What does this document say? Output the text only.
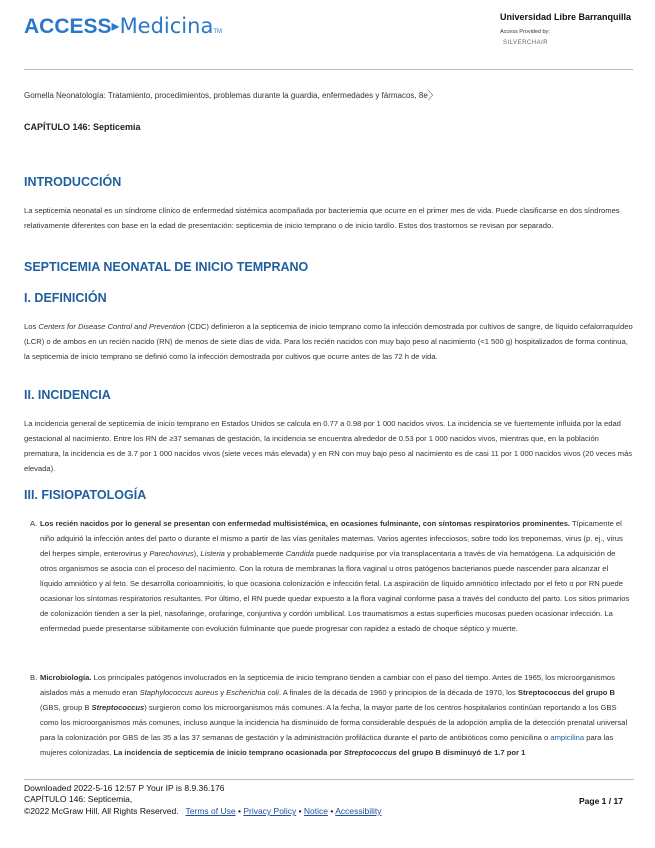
ACCESS▸MedicinaTM
Universidad Libre Barranquilla
Access Provided by:
SILVERCHAIR
Gomella Neonatología: Tratamiento, procedimientos, problemas durante la guardia, enfermedades y fármacos, 8e〉
CAPÍTULO 146: Septicemia
INTRODUCCIÓN

La septicemia neonatal es un síndrome clínico de enfermedad sistémica acompañada por bacteriemia que ocurre en el primer mes de vida. Puede clasificarse en dos síndromes relativamente diferentes con base en la edad de presentación: septicemia de inicio temprano o de inicio tardío. Estos dos trastornos se revisan por separado.

SEPTICEMIA NEONATAL DE INICIO TEMPRANO
I. DEFINICIÓN

Los Centers for Disease Control and Prevention (CDC) definieron a la septicemia de inicio temprano como la infección demostrada por cultivos de sangre, de líquido cefalorraquídeo (LCR) o de ambos en un recién nacido (RN) de menos de siete días de vida. Para los recién nacidos con muy bajo peso al nacimiento (<1 500 g) hospitalizados de forma continua, la septicemia de inicio temprano se definió como la infección demostrada por cultivos que ocurre antes de las 72 h de vida.

II. INCIDENCIA

La incidencia general de septicemia de inicio temprano en Estados Unidos se calcula en 0.77 a 0.98 por 1 000 nacidos vivos. La incidencia se ve fuertemente influida por la edad gestacional al nacimiento. Entre los RN de ≥37 semanas de gestación, la incidencia se encuentra alrededor de 0.53 por 1 000 nacidos vivos, mientras que, en la población prematura, la incidencia es de 3.7 por 1 000 nacidos vivos (siete veces más elevada) y en RN con muy bajo peso al nacimiento es de casi 11 por 1 000 nacidos vivos (20 veces más elevada).

III. FISIOPATOLOGÍA
A. Los recién nacidos por lo general se presentan con enfermedad multisistémica, en ocasiones fulminante, con síntomas respiratorios prominentes. Típicamente el niño adquirió la infección antes del parto o durante el mismo a partir de las vías genitales maternas. Varios agentes infecciosos, sobre todo los treponemas, virus (p. ej., virus del herpes simple, enterovirus y Parechovirus), Listeria y probablemente Candida puede nadquirise por vía transplacentaria a través de vía hematógena. La adquisición de otros organismos se asocia con el proceso del nacimiento. Con la rotura de membranas la flora vaginal u otros patógenos bacterianos puede nascender para alcanzar el líquido amniótico y al feto. Se desarrolla corioamnioitis, lo que ocasiona colonización e infección fetal. La aspiración de líquido amniótico infectado por el feto o por RN puede ocasionar los síntomas respiratorios resultantes. Por último, el RN puede quedar expuesto a la flora vaginal conforme pasa a través del conducto del parto. Los sitios primarios de colonización tienden a ser la piel, nasofaringe, orofaringe, conjuntiva y cordón umbilical. Los traumatismos a estas superficies mucosas pueden ocasionar infección. La enfermedad puede presentarse súbitamente con evolución fulminante que puede progresar con rapidez a estado de choque séptico y muerte.
B. Microbiología. Los principales patógenos involucrados en la septicemia de inicio temprano tienden a cambiar con el paso del tiempo. Antes de 1965, los microorganismos aislados más a menudo eran Staphylococcus aureus y Escherichia coli. A finales de la década de 1960 y principios de la década de 1970, los Streptococcus del grupo B (GBS, group B Streptococcus) surgieron como los microorganismos más comunes. A la fecha, la mayor parte de los centros hospitalarios continúan reportando a los GBS como los microorganismos más comunes, incluso aunque la incidencia ha disminuido de forma considerable después de la adopción amplia de la detección prenatal universal para la colonización por GBS de las 35 a las 37 semanas de gestación y la administración profiláctica durante el parto de antibióticos como penicilina o ampicilina para las mujeres colonizadas. La incidencia de septicemia de inicio temprano ocasionada por Streptococcus del grupo B disminuyó de 1.7 por 1
Downloaded 2022-5-16 12:57 P Your IP is 8.9.36.176
CAPÍTULO 146: Septicemia,
©2022 McGraw Hill. All Rights Reserved. Terms of Use • Privacy Policy • Notice • Accessibility
Page 1 / 17
